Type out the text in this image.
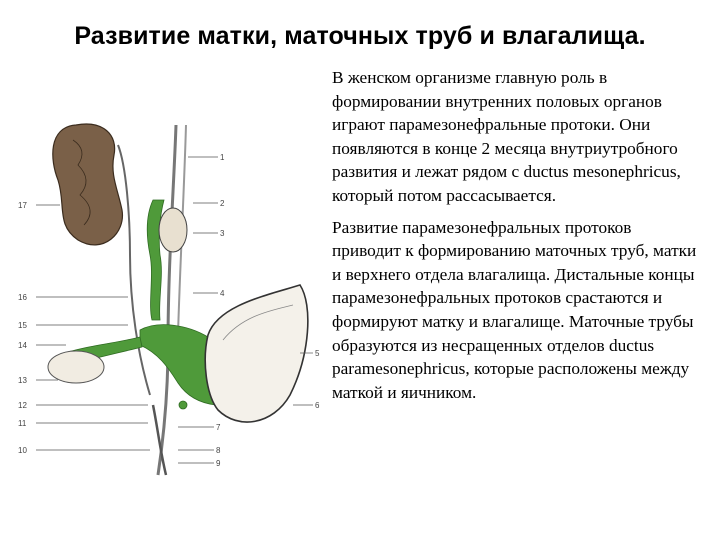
Развитие матки, маточных труб и влагалища.
1
2
3
4
5
6
7
8
9
17
16
15
14
13
12
11
10

В женском организме главную роль в формировании внутренних половых органов играют парамезонефральные протоки. Они появляются в конце 2 месяца внутриутробного развития и лежат рядом с ductus mesonephricus, который потом рассасывается.

Развитие парамезонефральных протоков приводит к формированию маточных труб, матки и верхнего отдела влагалища. Дистальные концы парамезонефральных протоков срастаются и формируют матку и влагалище. Маточные трубы образуются из несращенных отделов ductus paramesonephricus, которые расположены между маткой и яичником.
